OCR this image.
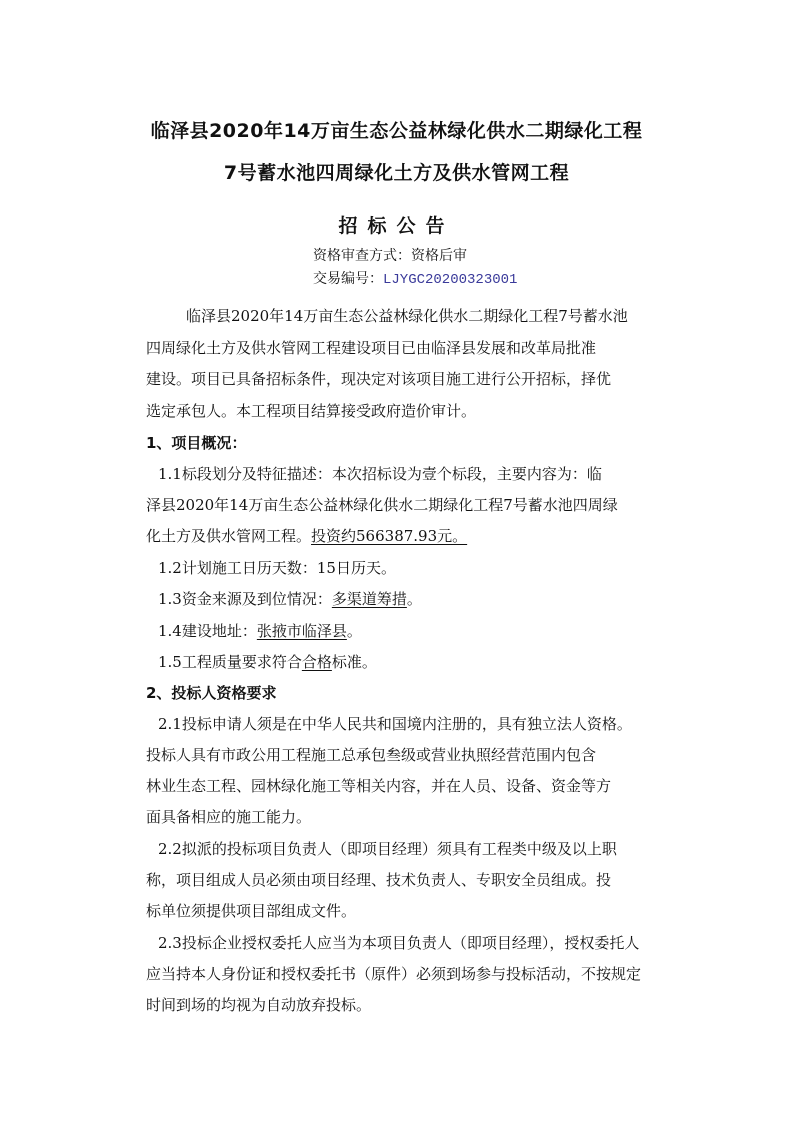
临泽县2020年14万亩生态公益林绿化供水二期绿化工程
7号蓄水池四周绿化土方及供水管网工程
招标公告
资格审查方式：资格后审
交易编号：LJYGC20200323001
临泽县2020年14万亩生态公益林绿化供水二期绿化工程7号蓄水池
四周绿化土方及供水管网工程建设项目已由临泽县发展和改革局批准
建设。项目已具备招标条件，现决定对该项目施工进行公开招标，择优
选定承包人。本工程项目结算接受政府造价审计。
1、项目概况：
1.1标段划分及特征描述：本次招标设为壹个标段，主要内容为：临
泽县2020年14万亩生态公益林绿化供水二期绿化工程7号蓄水池四周绿
化土方及供水管网工程。投资约566387.93元。
1.2计划施工日历天数：15日历天。
1.3资金来源及到位情况：多渠道筹措。
1.4建设地址：张掖市临泽县。
1.5工程质量要求符合合格标准。
2、投标人资格要求
2.1投标申请人须是在中华人民共和国境内注册的，具有独立法人资格。
投标人具有市政公用工程施工总承包叁级或营业执照经营范围内包含
林业生态工程、园林绿化施工等相关内容，并在人员、设备、资金等方
面具备相应的施工能力。
2.2拟派的投标项目负责人（即项目经理）须具有工程类中级及以上职
称，项目组成人员必须由项目经理、技术负责人、专职安全员组成。投
标单位须提供项目部组成文件。
2.3投标企业授权委托人应当为本项目负责人（即项目经理），授权委托人
应当持本人身份证和授权委托书（原件）必须到场参与投标活动，不按规定
时间到场的均视为自动放弃投标。
